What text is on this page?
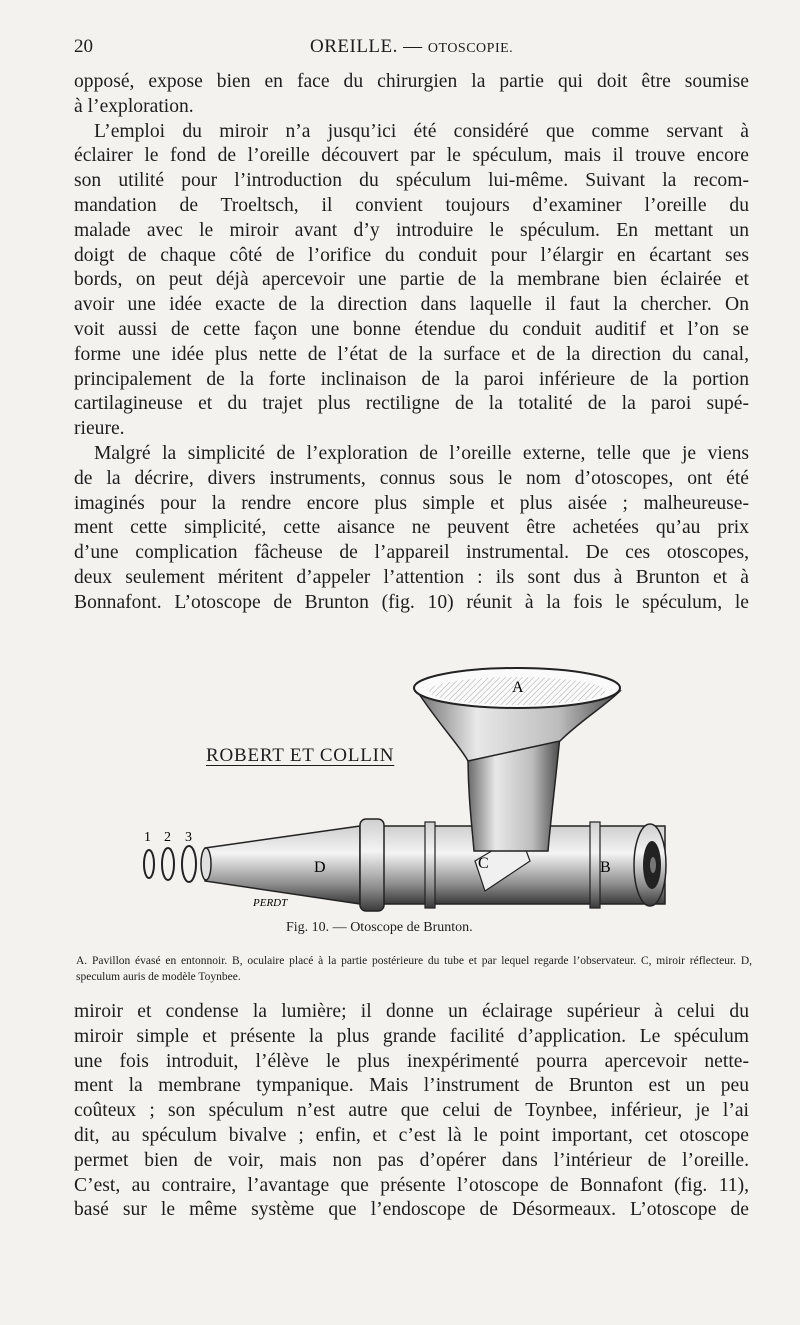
20	OREILLE. — OTOSCOPIE.
opposé, expose bien en face du chirurgien la partie qui doit être soumise
à l’exploration.
L’emploi du miroir n’a jusqu’ici été considéré que comme servant à
éclairer le fond de l’oreille découvert par le spéculum, mais il trouve encore
son utilité pour l’introduction du spéculum lui-même. Suivant la recom-
mandation de Troeltsch, il convient toujours d’examiner l’oreille du
malade avec le miroir avant d’y introduire le spéculum. En mettant un
doigt de chaque côté de l’orifice du conduit pour l’élargir en écartant ses
bords, on peut déjà apercevoir une partie de la membrane bien éclairée et
avoir une idée exacte de la direction dans laquelle il faut la chercher. On
voit aussi de cette façon une bonne étendue du conduit auditif et l’on se
forme une idée plus nette de l’état de la surface et de la direction du canal,
principalement de la forte inclinaison de la paroi inférieure de la portion
cartilagineuse et du trajet plus rectiligne de la totalité de la paroi supé-
rieure.
Malgré la simplicité de l’exploration de l’oreille externe, telle que je viens
de la décrire, divers instruments, connus sous le nom d’otoscopes, ont été
imaginés pour la rendre encore plus simple et plus aisée ; malheureuse-
ment cette simplicité, cette aisance ne peuvent être achetées qu’au prix
d’une complication fâcheuse de l’appareil instrumental. De ces otoscopes,
deux seulement méritent d’appeler l’attention : ils sont dus à Brunton et à
Bonnafont. L’otoscope de Brunton (fig. 10) réunit à la fois le spéculum, le
ROBERT ET COLLIN
A
B
C
D
1 2 3
PERDT
Fig. 10. — Otoscope de Brunton.
A. Pavillon évasé en entonnoir. B, oculaire placé à la partie postérieure du tube et par lequel regarde l’observateur. C, miroir réflecteur. D, speculum auris de modèle Toynbee.
miroir et condense la lumière; il donne un éclairage supérieur à celui du
miroir simple et présente la plus grande facilité d’application. Le spéculum
une fois introduit, l’élève le plus inexpérimenté pourra apercevoir nette-
ment la membrane tympanique. Mais l’instrument de Brunton est un peu
coûteux ; son spéculum n’est autre que celui de Toynbee, inférieur, je l’ai
dit, au spéculum bivalve ; enfin, et c’est là le point important, cet otoscope
permet bien de voir, mais non pas d’opérer dans l’intérieur de l’oreille.
C’est, au contraire, l’avantage que présente l’otoscope de Bonnafont (fig. 11),
basé sur le même système que l’endoscope de Désormeaux. L’otoscope de
